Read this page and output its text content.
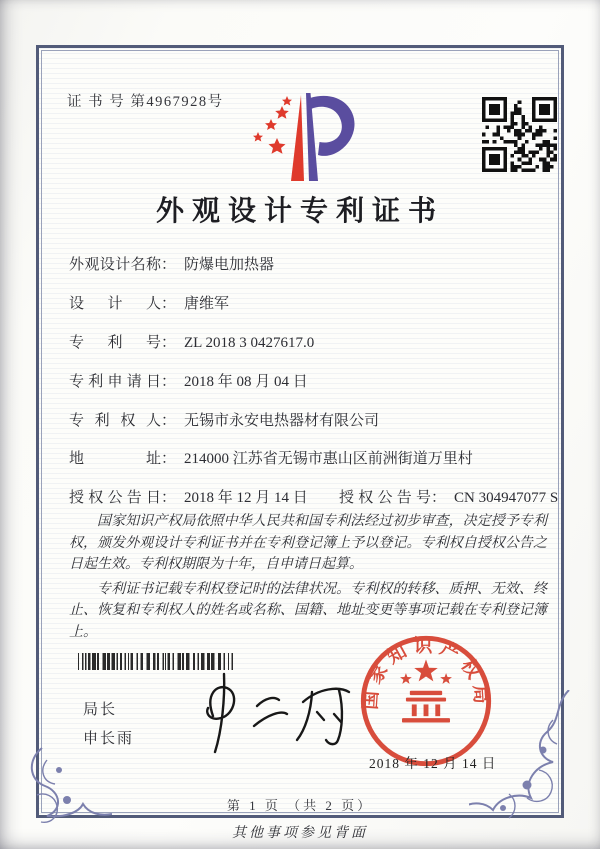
证 书 号 第4967928号
外观设计专利证书
外观设计名称： 防爆电加热器
设计人： 唐维军
专利号： ZL 2018 3 0427617.0
专利申请日： 2018 年 08 月 04 日
专利权人： 无锡市永安电热器材有限公司
地址： 214000 江苏省无锡市惠山区前洲街道万里村
授权公告日： 2018 年 12 月 14 日 授权公告号： CN 304947077 S

国家知识产权局依照中华人民共和国专利法经过初步审查，决定授予专利权，颁发外观设计专利证书并在专利登记簿上予以登记。专利权自授权公告之日起生效。专利权期限为十年，自申请日起算。

专利证书记载专利权登记时的法律状况。专利权的转移、质押、无效、终止、恢复和专利权人的姓名或名称、国籍、地址变更等事项记载在专利登记簿上。

局长
申长雨
国家知识产权局
2018 年 12 月 14 日
第 1 页 （共 2 页）
其他事项参见背面
